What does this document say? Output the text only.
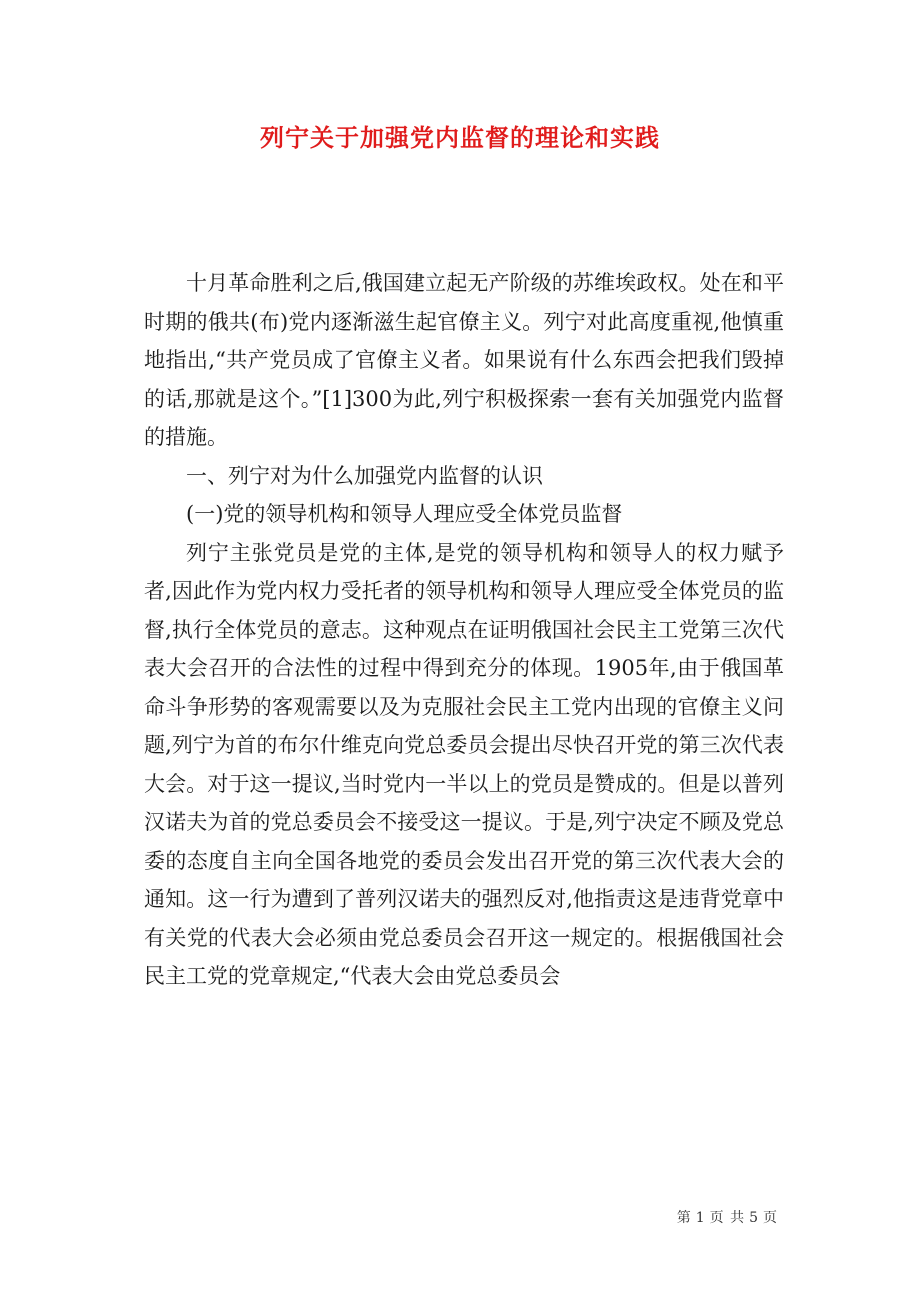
列宁关于加强党内监督的理论和实践

十月革命胜利之后,俄国建立起无产阶级的苏维埃政权。处在和平时期的俄共(布)党内逐渐滋生起官僚主义。列宁对此高度重视,他慎重地指出,“共产党员成了官僚主义者。如果说有什么东西会把我们毁掉的话,那就是这个。”[1]300为此,列宁积极探索一套有关加强党内监督的措施。

一、列宁对为什么加强党内监督的认识

(一)党的领导机构和领导人理应受全体党员监督

列宁主张党员是党的主体,是党的领导机构和领导人的权力赋予者,因此作为党内权力受托者的领导机构和领导人理应受全体党员的监督,执行全体党员的意志。这种观点在证明俄国社会民主工党第三次代表大会召开的合法性的过程中得到充分的体现。1905年,由于俄国革命斗争形势的客观需要以及为克服社会民主工党内出现的官僚主义问题,列宁为首的布尔什维克向党总委员会提出尽快召开党的第三次代表大会。对于这一提议,当时党内一半以上的党员是赞成的。但是以普列汉诺夫为首的党总委员会不接受这一提议。于是,列宁决定不顾及党总委的态度自主向全国各地党的委员会发出召开党的第三次代表大会的通知。这一行为遭到了普列汉诺夫的强烈反对,他指责这是违背党章中有关党的代表大会必须由党总委员会召开这一规定的。根据俄国社会民主工党的党章规定,“代表大会由党总委员会

第 1 页 共 5 页
